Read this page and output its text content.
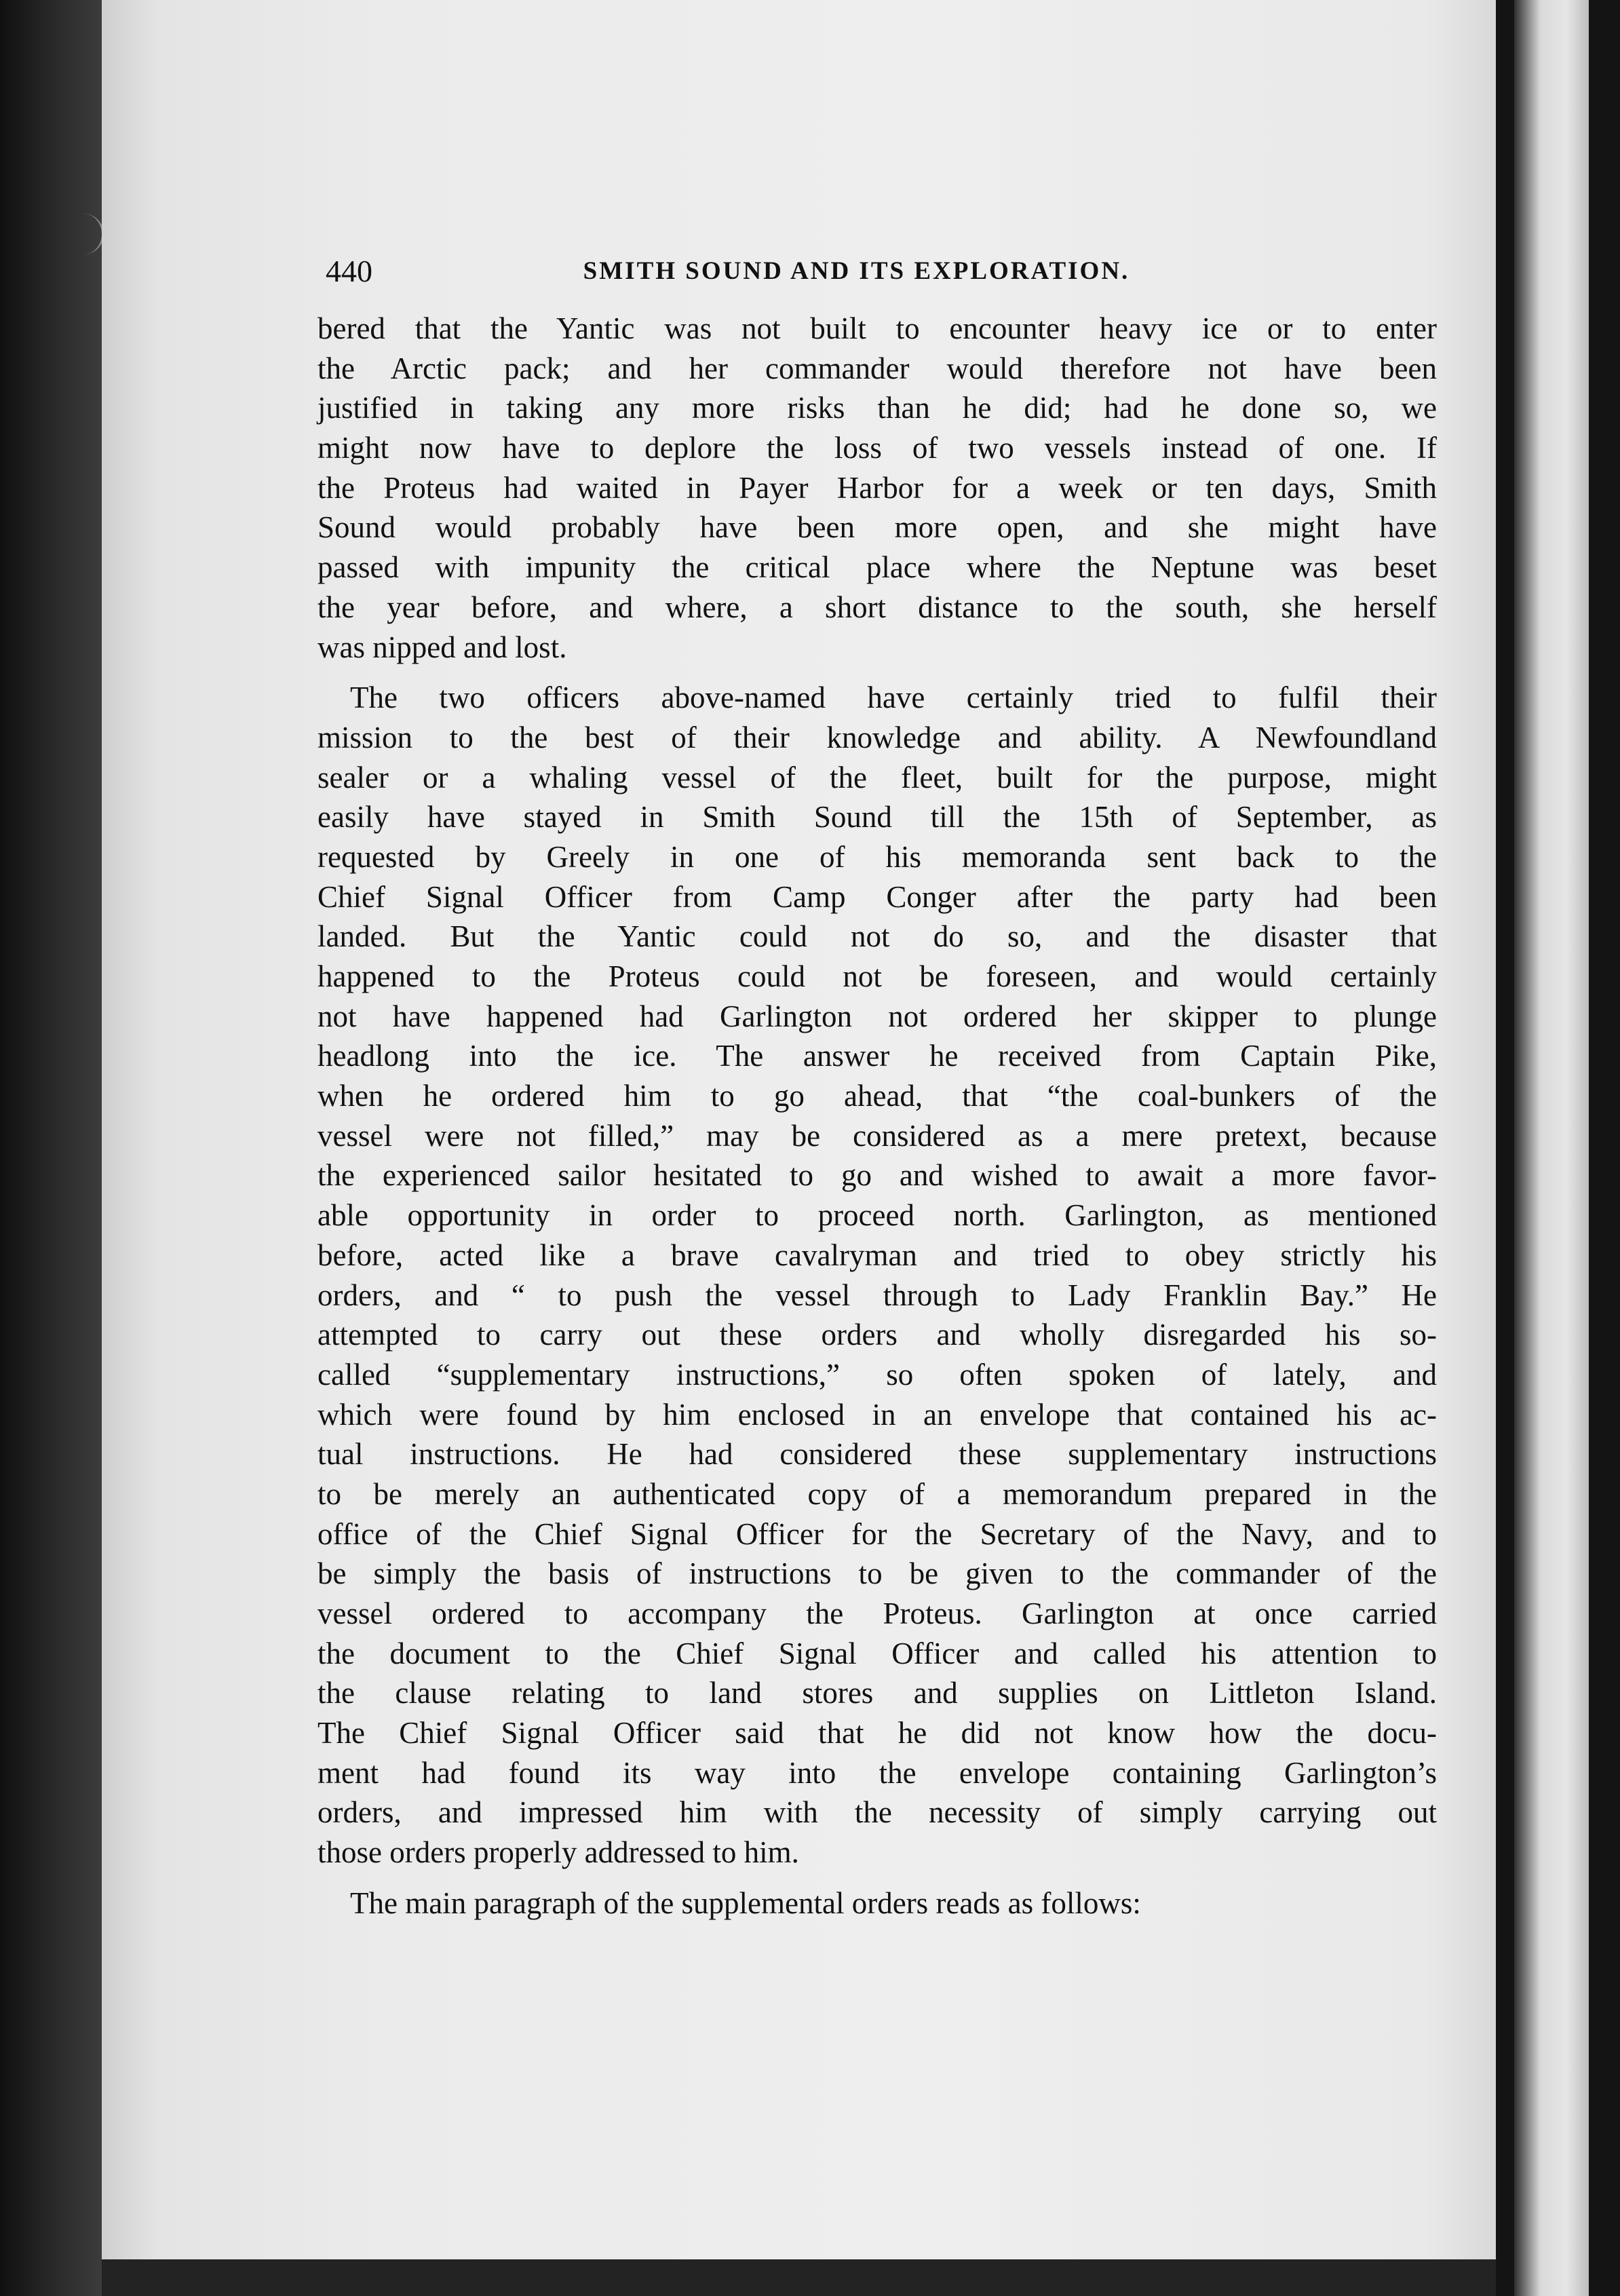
440	SMITH SOUND AND ITS EXPLORATION.
bered that the Yantic was not built to encounter heavy ice or to enter
the Arctic pack; and her commander would therefore not have been
justified in taking any more risks than he did; had he done so, we
might now have to deplore the loss of two vessels instead of one. If
the Proteus had waited in Payer Harbor for a week or ten days, Smith
Sound would probably have been more open, and she might have
passed with impunity the critical place where the Neptune was beset
the year before, and where, a short distance to the south, she herself
was nipped and lost.
The two officers above-named have certainly tried to fulfil their
mission to the best of their knowledge and ability. A Newfoundland
sealer or a whaling vessel of the fleet, built for the purpose, might
easily have stayed in Smith Sound till the 15th of September, as
requested by Greely in one of his memoranda sent back to the
Chief Signal Officer from Camp Conger after the party had been
landed. But the Yantic could not do so, and the disaster that
happened to the Proteus could not be foreseen, and would certainly
not have happened had Garlington not ordered her skipper to plunge
headlong into the ice. The answer he received from Captain Pike,
when he ordered him to go ahead, that “the coal-bunkers of the
vessel were not filled,” may be considered as a mere pretext, because
the experienced sailor hesitated to go and wished to await a more favor-
able opportunity in order to proceed north. Garlington, as mentioned
before, acted like a brave cavalryman and tried to obey strictly his
orders, and “ to push the vessel through to Lady Franklin Bay.” He
attempted to carry out these orders and wholly disregarded his so-
called “supplementary instructions,” so often spoken of lately, and
which were found by him enclosed in an envelope that contained his ac-
tual instructions. He had considered these supplementary instructions
to be merely an authenticated copy of a memorandum prepared in the
office of the Chief Signal Officer for the Secretary of the Navy, and to
be simply the basis of instructions to be given to the commander of the
vessel ordered to accompany the Proteus. Garlington at once carried
the document to the Chief Signal Officer and called his attention to
the clause relating to land stores and supplies on Littleton Island.
The Chief Signal Officer said that he did not know how the docu-
ment had found its way into the envelope containing Garlington’s
orders, and impressed him with the necessity of simply carrying out
those orders properly addressed to him.
The main paragraph of the supplemental orders reads as follows:
